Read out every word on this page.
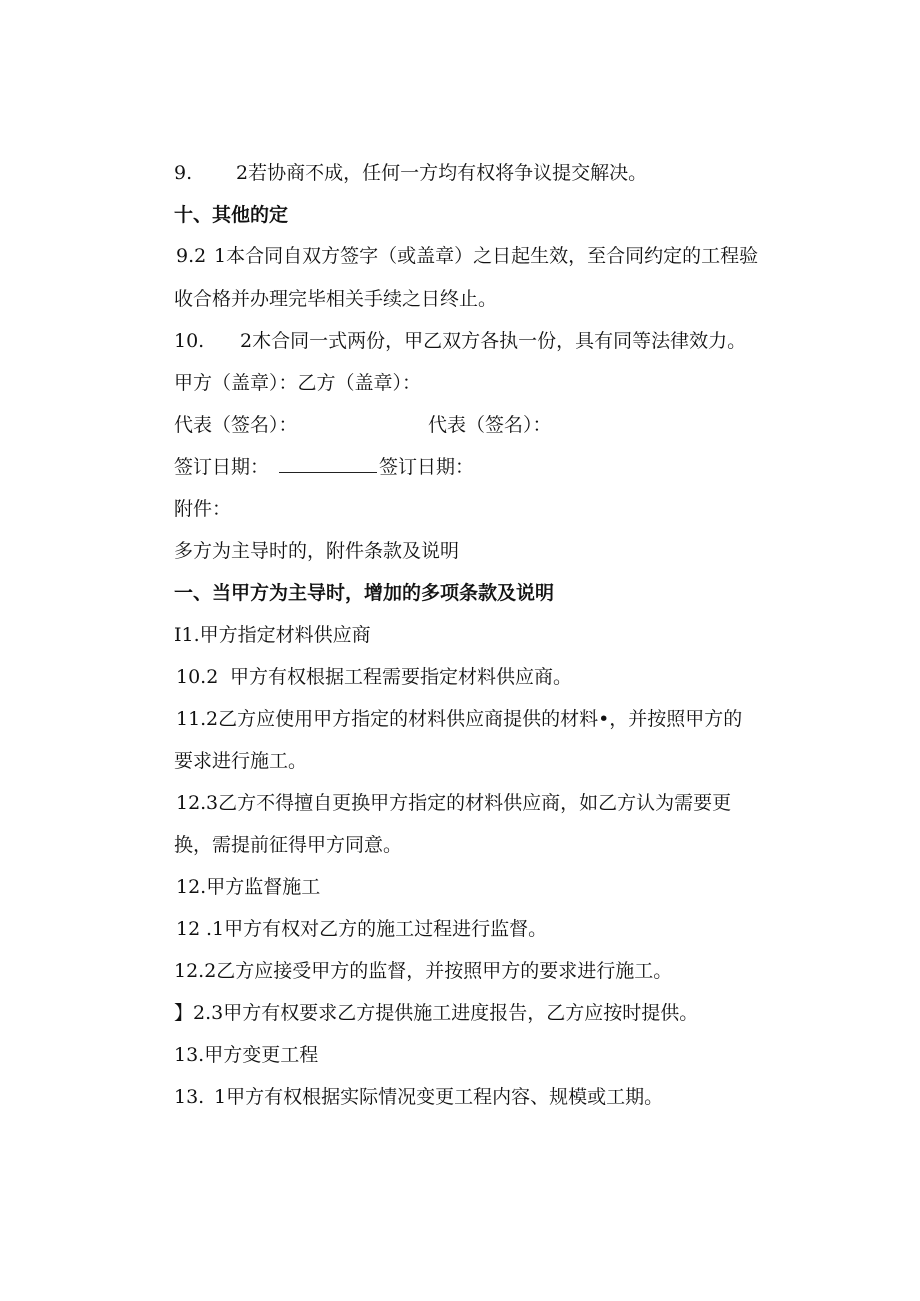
9. 2若协商不成，任何一方均有权将争议提交解决。
十、其他的定
9.2 1本合同自双方签字（或盖章）之日起生效，至合同约定的工程验
收合格并办理完毕相关手续之日终止。
10. 2木合同一式两份，甲乙双方各执一份，具有同等法律效力。
甲方（盖章）：乙方（盖章）：
代表（签名）：	代表（签名）：
签订日期：	签订日期：
附件：
多方为主导时的，附件条款及说明
一、当甲方为主导时，增加的多项条款及说明
I1.甲方指定材料供应商
10.2 甲方有权根据工程需要指定材料供应商。
11.2乙方应使用甲方指定的材料供应商提供的材料•，并按照甲方的
要求进行施工。
12.3乙方不得擅自更换甲方指定的材料供应商，如乙方认为需要更
换，需提前征得甲方同意。
12.甲方监督施工
12 .1甲方有权对乙方的施工过程进行监督。
12.2乙方应接受甲方的监督，并按照甲方的要求进行施工。
】2.3甲方有权要求乙方提供施工进度报告，乙方应按时提供。
13.甲方变更工程
13. 1甲方有权根据实际情况变更工程内容、规模或工期。
